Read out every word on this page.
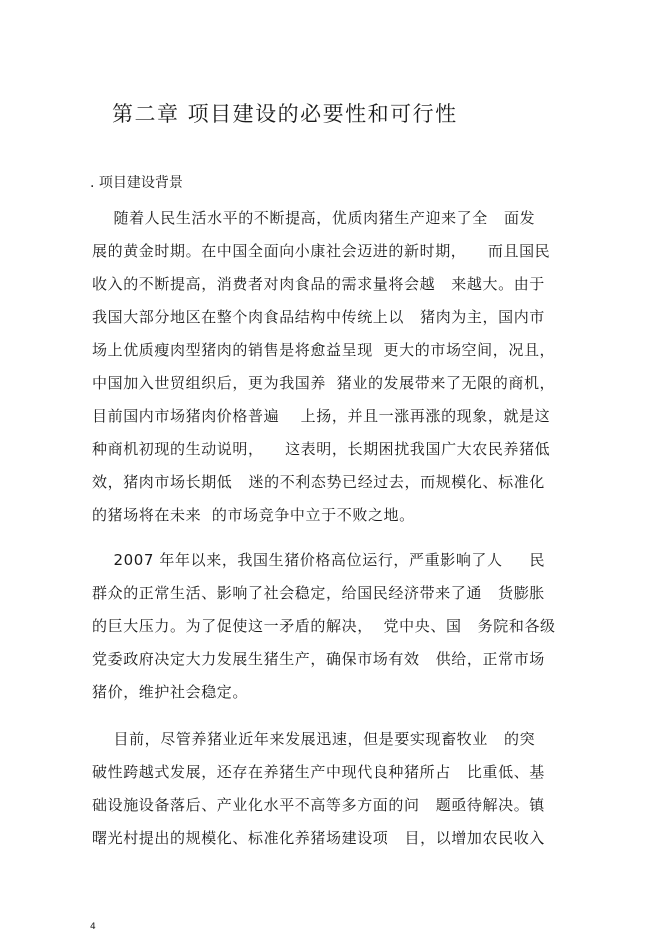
第二章 项目建设的必要性和可行性
. 项目建设背景
随着人民生活水平的不断提高，优质肉猪生产迎来了全   面发
展的黄金时期。在中国全面向小康社会迈进的新时期，    而且国民
收入的不断提高，消费者对肉食品的需求量将会越   来越大。由于
我国大部分地区在整个肉食品结构中传统上以   猪肉为主，国内市
场上优质瘦肉型猪肉的销售是将愈益呈现  更大的市场空间，况且，
中国加入世贸组织后，更为我国养  猪业的发展带来了无限的商机，
目前国内市场猪肉价格普遍    上扬，并且一涨再涨的现象，就是这
种商机初现的生动说明，    这表明，长期困扰我国广大农民养猪低
效，猪肉市场长期低   迷的不利态势已经过去，而规模化、标准化
的猪场将在未来  的市场竞争中立于不败之地。
2007 年年以来，我国生猪价格高位运行，严重影响了人     民
群众的正常生活、影响了社会稳定，给国民经济带来了通   货膨胀
的巨大压力。为了促使这一矛盾的解决，  党中央、国   务院和各级
党委政府决定大力发展生猪生产，确保市场有效   供给，正常市场
猪价，维护社会稳定。
目前，尽管养猪业近年来发展迅速，但是要实现畜牧业   的突
破性跨越式发展，还存在养猪生产中现代良种猪所占   比重低、基
础设施设备落后、产业化水平不高等多方面的问   题亟待解决。镇
曙光村提出的规模化、标准化养猪场建设项   目，以增加农民收入
4
